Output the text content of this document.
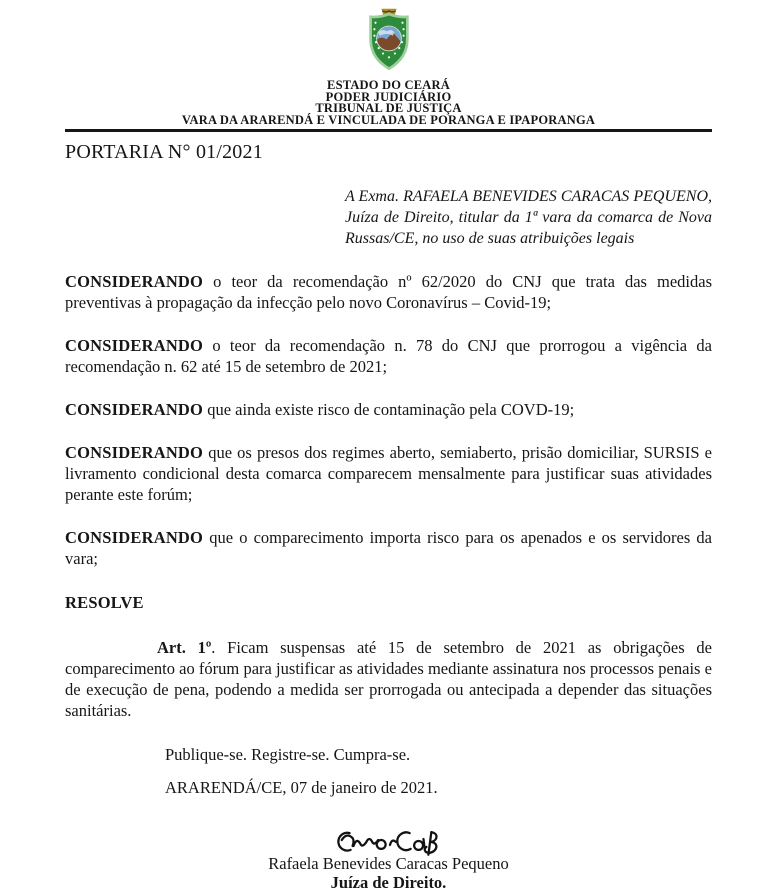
ESTADO DO CEARÁ
PODER JUDICIÁRIO
TRIBUNAL DE JUSTIÇA
VARA DA ARARENDÁ E VINCULADA DE PORANGA E IPAPORANGA
PORTARIA N° 01/2021
A Exma. RAFAELA BENEVIDES CARACAS PEQUENO, Juíza de Direito, titular da 1ª vara da comarca de Nova Russas/CE, no uso de suas atribuições legais

CONSIDERANDO o teor da recomendação nº 62/2020 do CNJ que trata das medidas preventivas à propagação da infecção pelo novo Coronavírus – Covid-19;

CONSIDERANDO o teor da recomendação n. 78 do CNJ que prorrogou a vigência da recomendação n. 62 até 15 de setembro de 2021;

CONSIDERANDO que ainda existe risco de contaminação pela COVD-19;

CONSIDERANDO que os presos dos regimes aberto, semiaberto, prisão domiciliar, SURSIS e livramento condicional desta comarca comparecem mensalmente para justificar suas atividades perante este forúm;

CONSIDERANDO que o comparecimento importa risco para os apenados e os servidores da vara;

RESOLVE

Art. 1º. Ficam suspensas até 15 de setembro de 2021 as obrigações de comparecimento ao fórum para justificar as atividades mediante assinatura nos processos penais e de execução de pena, podendo a medida ser prorrogada ou antecipada a depender das situações sanitárias.

Publique-se. Registre-se. Cumpra-se.
ARARENDÁ/CE, 07 de janeiro de 2021.
Rafaela Benevides Caracas Pequeno
Juíza de Direito.
